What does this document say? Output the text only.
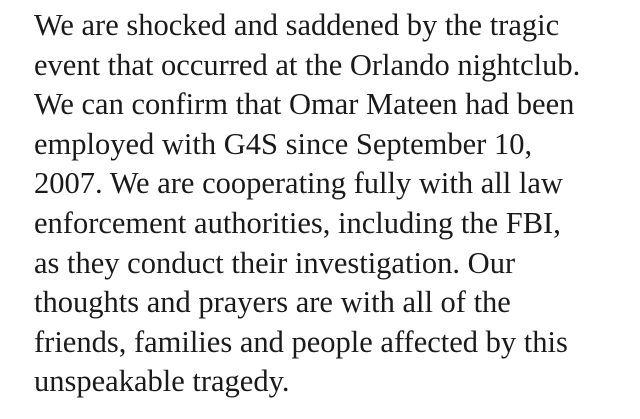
We are shocked and saddened by the tragic
event that occurred at the Orlando nightclub.
We can confirm that Omar Mateen had been
employed with G4S since September 10,
2007. We are cooperating fully with all law
enforcement authorities, including the FBI,
as they conduct their investigation. Our
thoughts and prayers are with all of the
friends, families and people affected by this
unspeakable tragedy.
